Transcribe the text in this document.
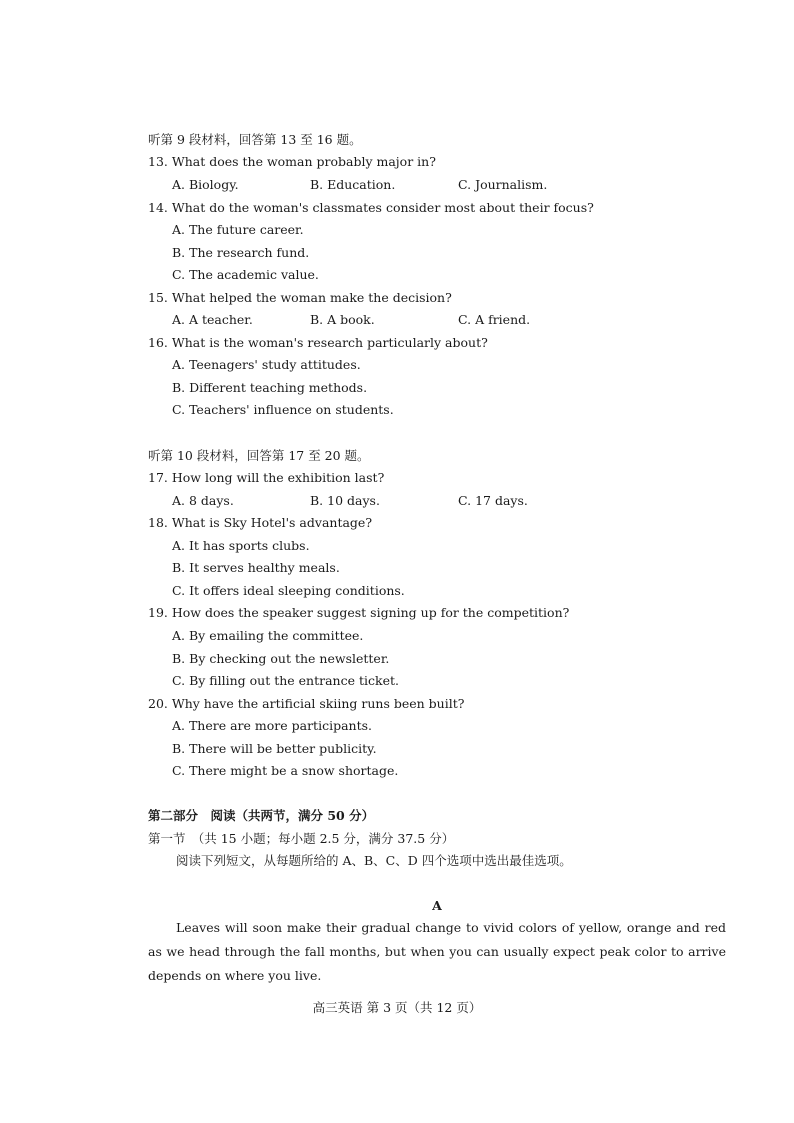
听第 9 段材料，回答第 13 至 16 题。
13. What does the woman probably major in?
A. Biology.	B. Education.	C. Journalism.
14. What do the woman's classmates consider most about their focus?
A. The future career.
B. The research fund.
C. The academic value.
15. What helped the woman make the decision?
A. A teacher.	B. A book.	C. A friend.
16. What is the woman's research particularly about?
A. Teenagers' study attitudes.
B. Different teaching methods.
C. Teachers' influence on students.
听第 10 段材料，回答第 17 至 20 题。
17. How long will the exhibition last?
A. 8 days.	B. 10 days.	C. 17 days.
18. What is Sky Hotel's advantage?
A. It has sports clubs.
B. It serves healthy meals.
C. It offers ideal sleeping conditions.
19. How does the speaker suggest signing up for the competition?
A. By emailing the committee.
B. By checking out the newsletter.
C. By filling out the entrance ticket.
20. Why have the artificial skiing runs been built?
A. There are more participants.
B. There will be better publicity.
C. There might be a snow shortage.
第二部分　阅读（共两节，满分 50 分）
第一节　（共 15 小题；每小题 2.5 分，满分 37.5 分）
阅读下列短文，从每题所给的 A、B、C、D 四个选项中选出最佳选项。
A
Leaves will soon make their gradual change to vivid colors of yellow, orange and red as we head through the fall months, but when you can usually expect peak color to arrive depends on where you live.
高三英语 第 3 页（共 12 页）
